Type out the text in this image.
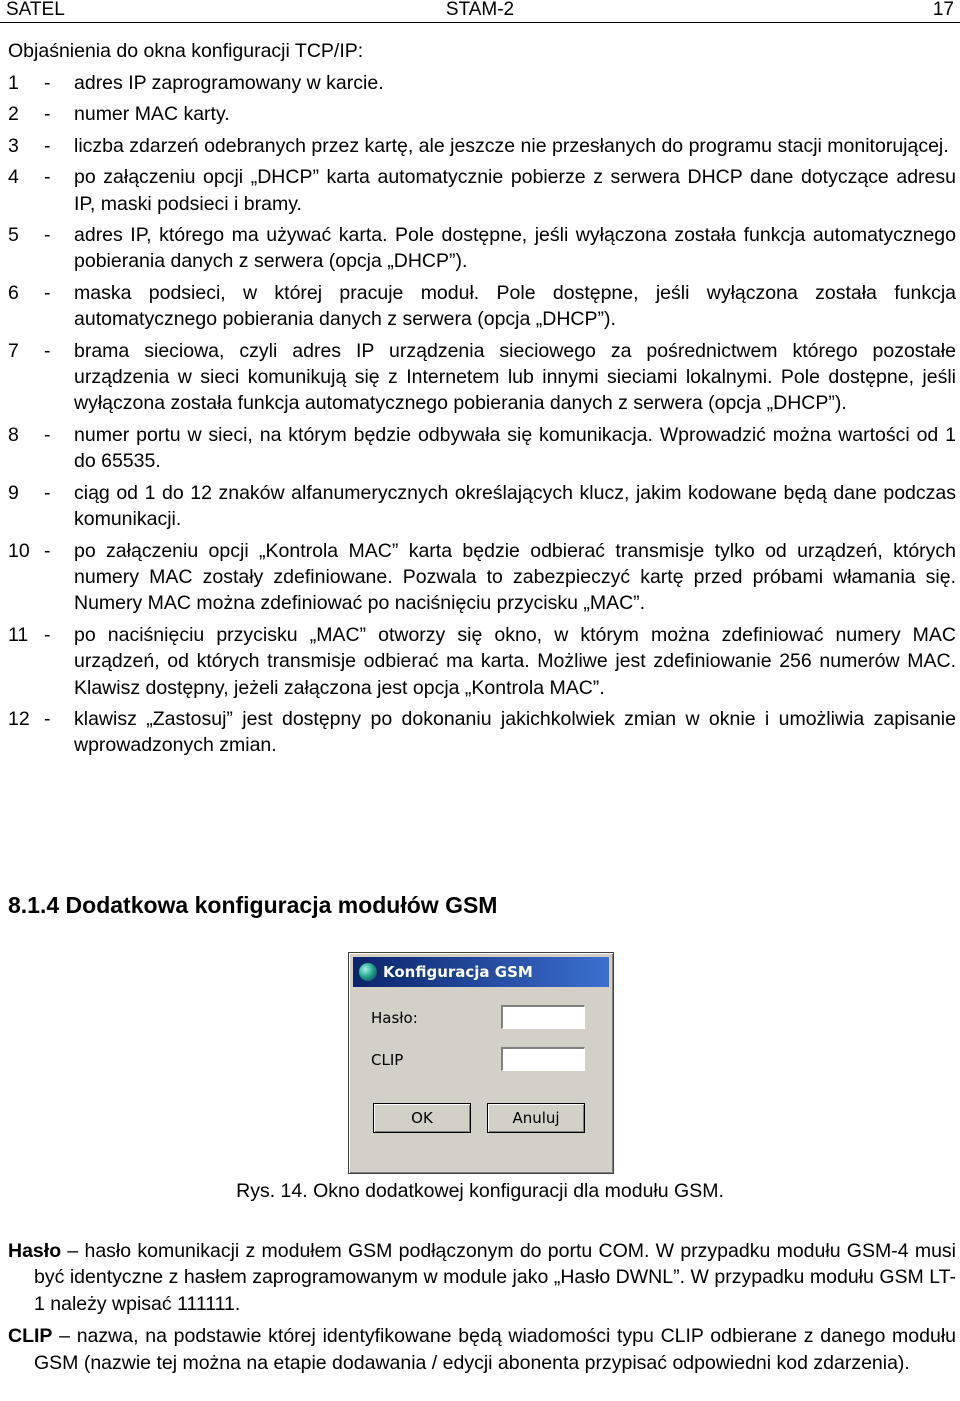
SATEL	STAM-2	17
Objaśnienia do okna konfiguracji TCP/IP:
1	-	adres IP zaprogramowany w karcie.
2	-	numer MAC karty.
3	-	liczba zdarzeń odebranych przez kartę, ale jeszcze nie przesłanych do programu stacji monitorującej.
4	-	po załączeniu opcji „DHCP” karta automatycznie pobierze z serwera DHCP dane dotyczące adresu IP, maski podsieci i bramy.
5	-	adres IP, którego ma używać karta. Pole dostępne, jeśli wyłączona została funkcja automatycznego pobierania danych z serwera (opcja „DHCP”).
6	-	maska podsieci, w której pracuje moduł. Pole dostępne, jeśli wyłączona została funkcja automatycznego pobierania danych z serwera (opcja „DHCP”).
7	-	brama sieciowa, czyli adres IP urządzenia sieciowego za pośrednictwem którego pozostałe urządzenia w sieci komunikują się z Internetem lub innymi sieciami lokalnymi. Pole dostępne, jeśli wyłączona została funkcja automatycznego pobierania danych z serwera (opcja „DHCP”).
8	-	numer portu w sieci, na którym będzie odbywała się komunikacja. Wprowadzić można wartości od 1 do 65535.
9	-	ciąg od 1 do 12 znaków alfanumerycznych określających klucz, jakim kodowane będą dane podczas komunikacji.
10 -	po załączeniu opcji „Kontrola MAC” karta będzie odbierać transmisje tylko od urządzeń, których numery MAC zostały zdefiniowane. Pozwala to zabezpieczyć kartę przed próbami włamania się. Numery MAC można zdefiniować po naciśnięciu przycisku „MAC”.
11 -	po naciśnięciu przycisku „MAC” otworzy się okno, w którym można zdefiniować numery MAC urządzeń, od których transmisje odbierać ma karta. Możliwe jest zdefiniowanie 256 numerów MAC. Klawisz dostępny, jeżeli załączona jest opcja „Kontrola MAC”.
12 -	klawisz „Zastosuj” jest dostępny po dokonaniu jakichkolwiek zmian w oknie i umożliwia zapisanie wprowadzonych zmian.
8.1.4 Dodatkowa konfiguracja modułów GSM
Konfiguracja GSM
Hasło:
CLIP
OK	Anuluj
Rys. 14. Okno dodatkowej konfiguracji dla modułu GSM.
Hasło – hasło komunikacji z modułem GSM podłączonym do portu COM. W przypadku modułu GSM-4 musi być identyczne z hasłem zaprogramowanym w module jako „Hasło DWNL”. W przypadku modułu GSM LT-1 należy wpisać 111111.
CLIP – nazwa, na podstawie której identyfikowane będą wiadomości typu CLIP odbierane z danego modułu GSM (nazwie tej można na etapie dodawania / edycji abonenta przypisać odpowiedni kod zdarzenia).
